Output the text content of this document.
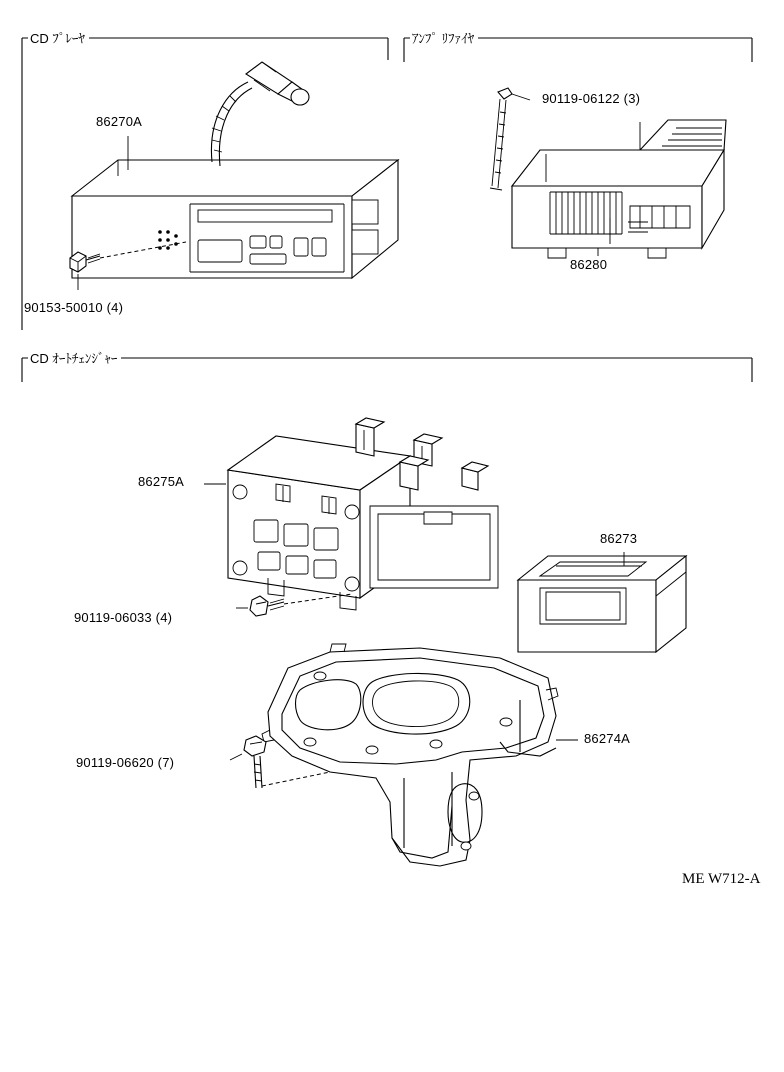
CD ﾌﾟﾚｰﾔ	ｱﾝﾌﾟ ﾘﾌｧｲﾔ
CD ｵｰﾄﾁｪﾝｼﾞｬｰ
86270A
90153-50010 (4)
90119-06122 (3)
86280
86275A
90119-06033 (4)
86273
86274A
90119-06620 (7)
ME W712-A
